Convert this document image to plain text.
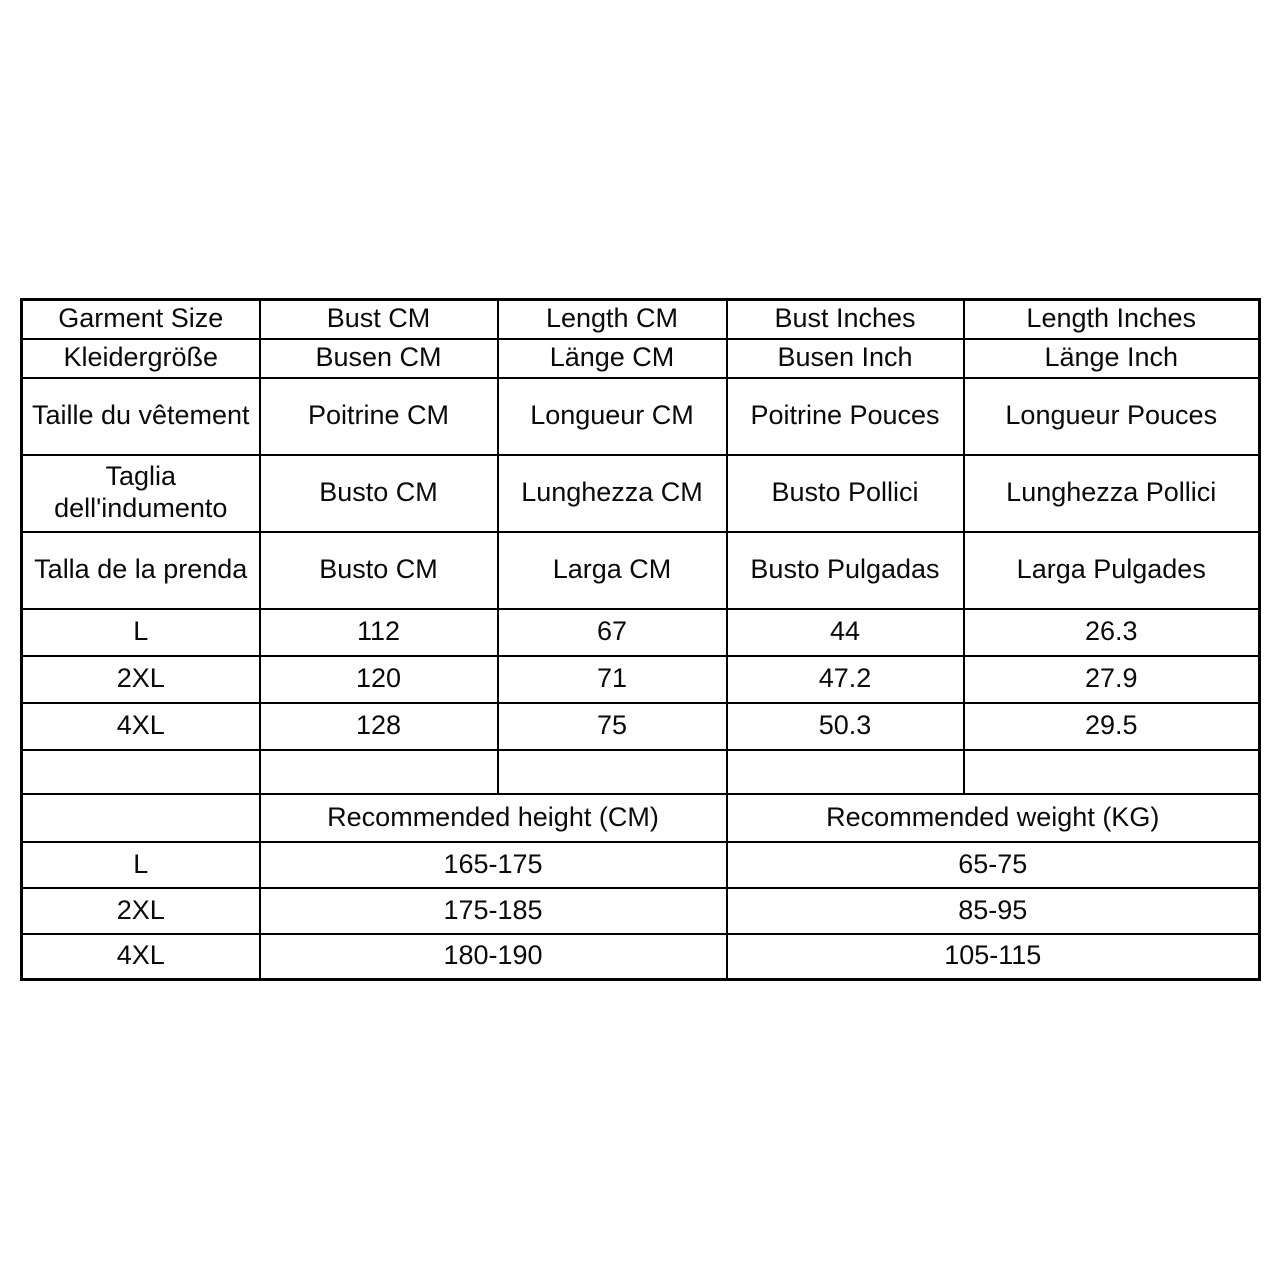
Garment Size	Bust CM	Length CM	Bust Inches	Length Inches
Kleidergröße	Busen CM	Länge CM	Busen Inch	Länge Inch
Taille du vêtement	Poitrine CM	Longueur CM	Poitrine Pouces	Longueur Pouces
Taglia dell'indumento	Busto CM	Lunghezza CM	Busto Pollici	Lunghezza Pollici
Talla de la prenda	Busto CM	Larga CM	Busto Pulgadas	Larga Pulgades
L	112	67	44	26.3
2XL	120	71	47.2	27.9
4XL	128	75	50.3	29.5

	Recommended height (CM)		Recommended weight (KG)	
L	165-175		65-75	
2XL	175-185		85-95	
4XL	180-190		105-115	
